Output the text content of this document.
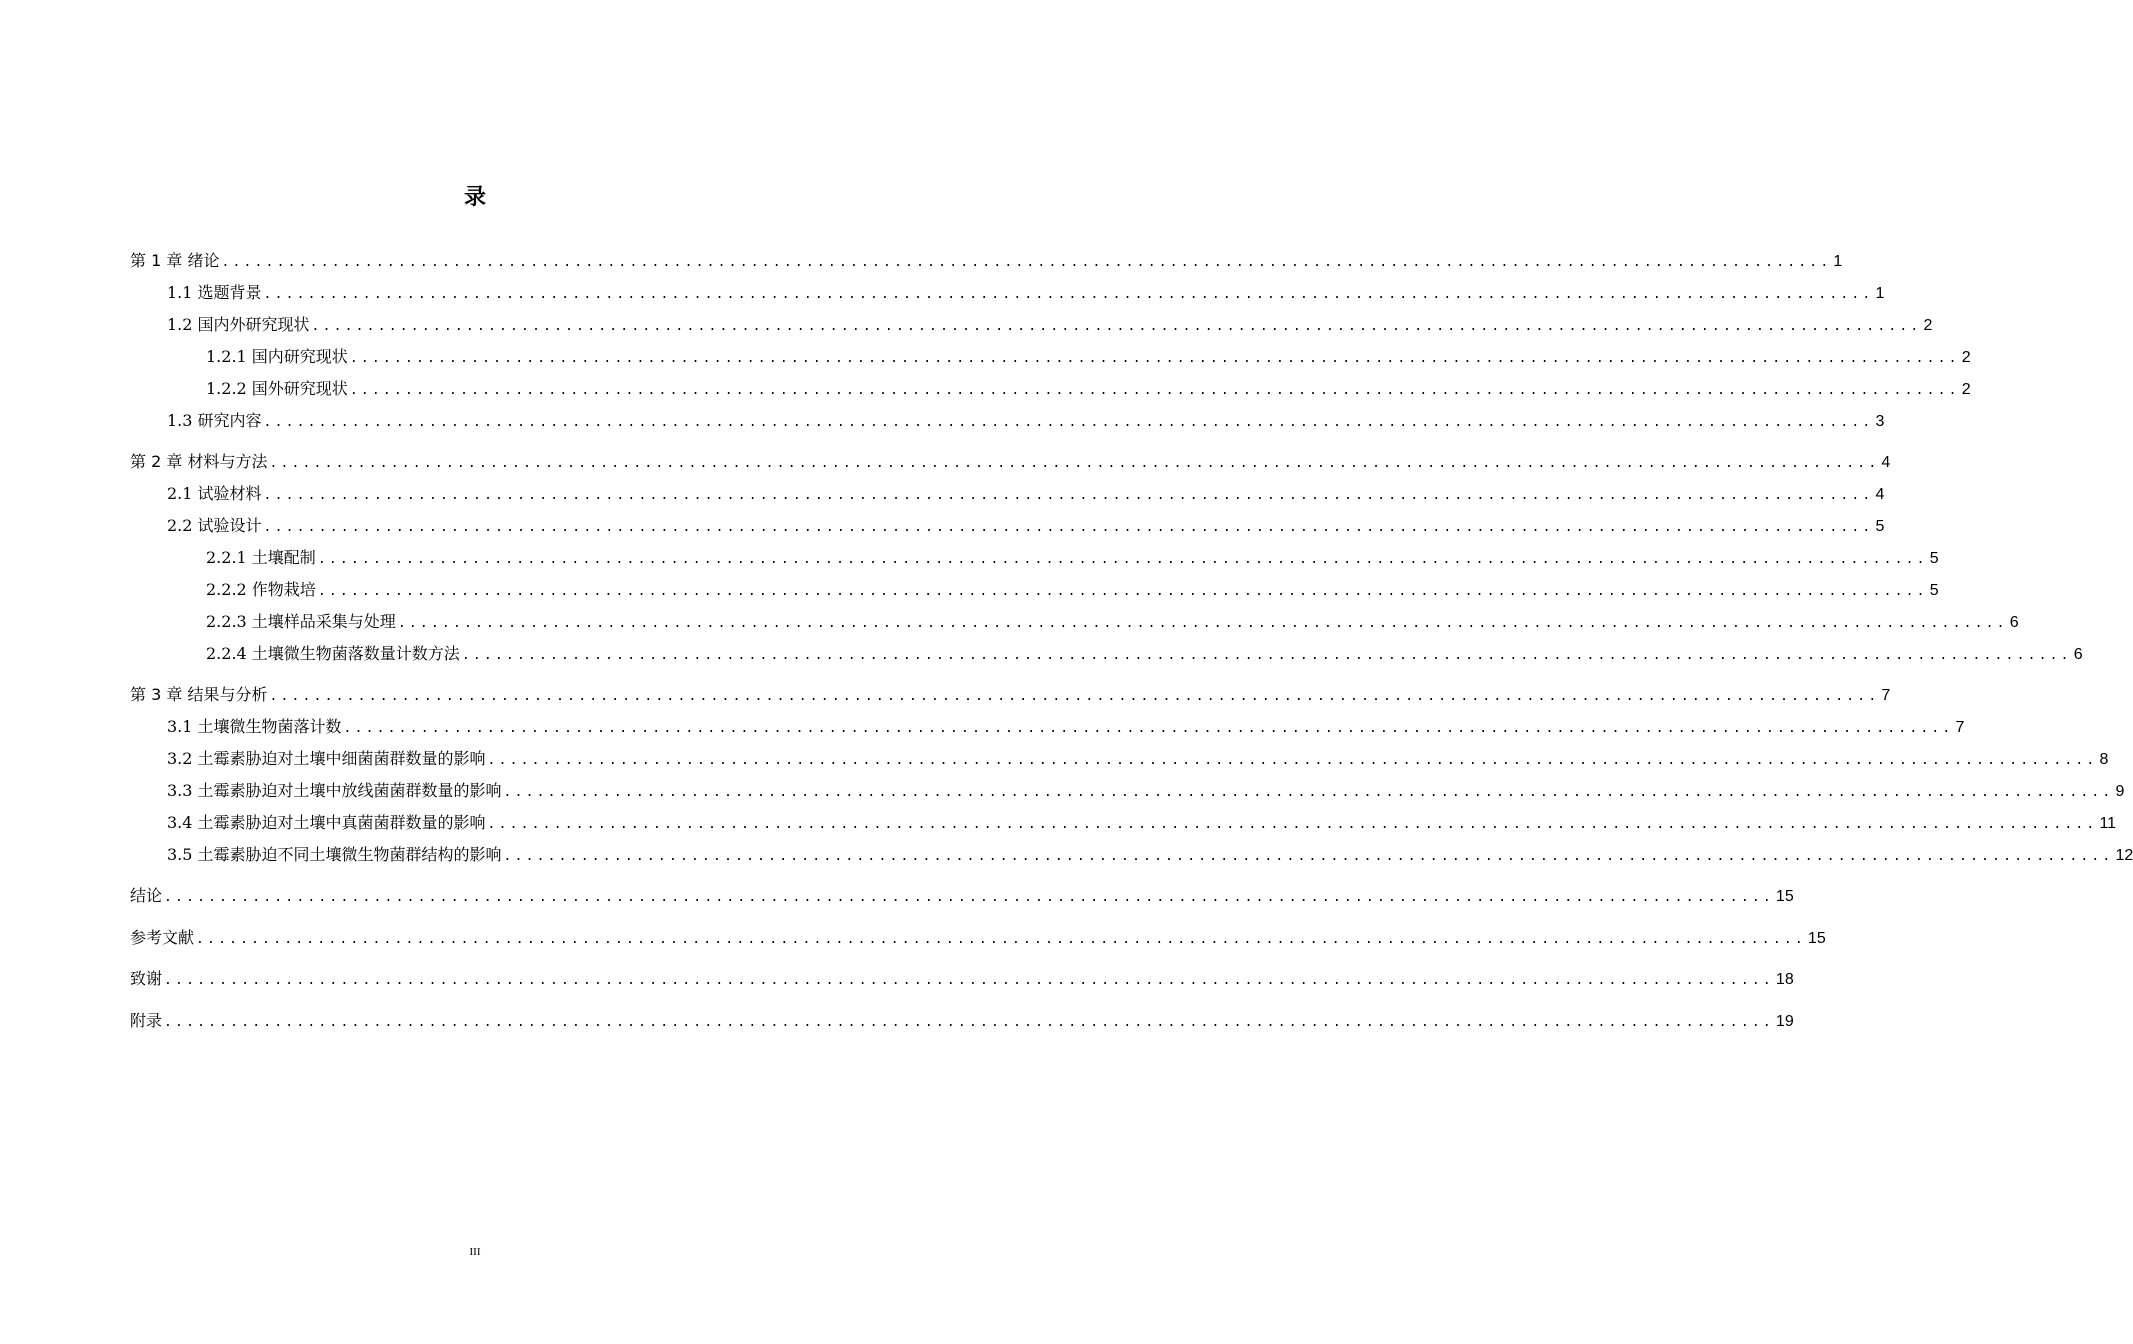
录
第 1 章 绪论 .................................................................................................................................................. 1
1.1 选题背景 .................................................................................................................................................. 1
1.2 国内外研究现状 .................................................................................................................................................. 2
1.2.1 国内研究现状 .................................................................................................................................................. 2
1.2.2 国外研究现状 .................................................................................................................................................. 2
1.3 研究内容 .................................................................................................................................................. 3
第 2 章 材料与方法 .................................................................................................................................................. 4
2.1 试验材料 .................................................................................................................................................. 4
2.2 试验设计 .................................................................................................................................................. 5
2.2.1 土壤配制 .................................................................................................................................................. 5
2.2.2 作物栽培 .................................................................................................................................................. 5
2.2.3 土壤样品采集与处理 .................................................................................................................................................. 6
2.2.4 土壤微生物菌落数量计数方法 .................................................................................................................................................. 6
第 3 章 结果与分析 .................................................................................................................................................. 7
3.1 土壤微生物菌落计数 .................................................................................................................................................. 7
3.2 土霉素胁迫对土壤中细菌菌群数量的影响 .................................................................................................................................................. 8
3.3 土霉素胁迫对土壤中放线菌菌群数量的影响 .................................................................................................................................................. 9
3.4 土霉素胁迫对土壤中真菌菌群数量的影响 .................................................................................................................................................. 11
3.5 土霉素胁迫不同土壤微生物菌群结构的影响 .................................................................................................................................................. 12
结论 .................................................................................................................................................. 15
参考文献 .................................................................................................................................................. 15
致谢 .................................................................................................................................................. 18
附录 .................................................................................................................................................. 19
III
